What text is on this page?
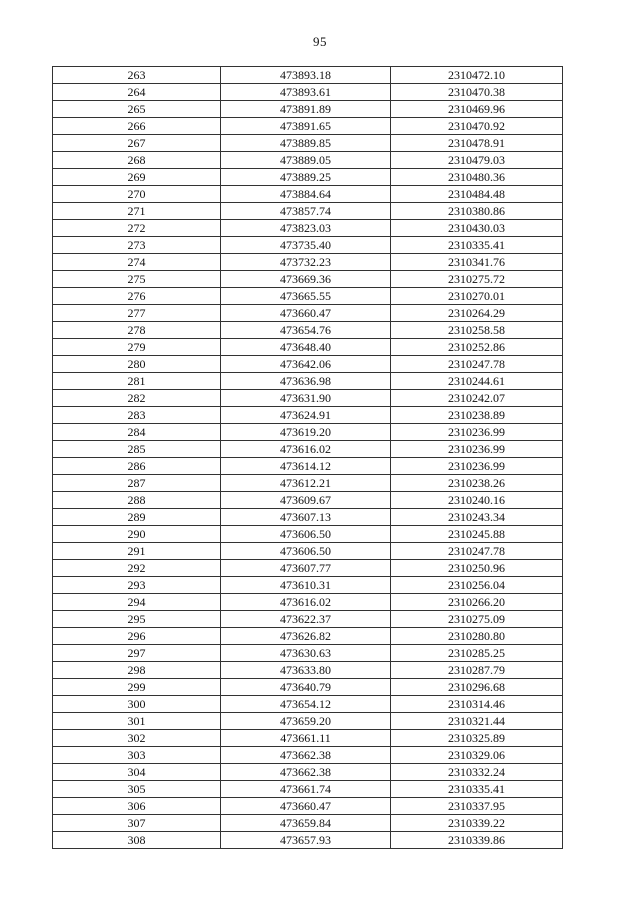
95
263	473893.18	2310472.10
264	473893.61	2310470.38
265	473891.89	2310469.96
266	473891.65	2310470.92
267	473889.85	2310478.91
268	473889.05	2310479.03
269	473889.25	2310480.36
270	473884.64	2310484.48
271	473857.74	2310380.86
272	473823.03	2310430.03
273	473735.40	2310335.41
274	473732.23	2310341.76
275	473669.36	2310275.72
276	473665.55	2310270.01
277	473660.47	2310264.29
278	473654.76	2310258.58
279	473648.40	2310252.86
280	473642.06	2310247.78
281	473636.98	2310244.61
282	473631.90	2310242.07
283	473624.91	2310238.89
284	473619.20	2310236.99
285	473616.02	2310236.99
286	473614.12	2310236.99
287	473612.21	2310238.26
288	473609.67	2310240.16
289	473607.13	2310243.34
290	473606.50	2310245.88
291	473606.50	2310247.78
292	473607.77	2310250.96
293	473610.31	2310256.04
294	473616.02	2310266.20
295	473622.37	2310275.09
296	473626.82	2310280.80
297	473630.63	2310285.25
298	473633.80	2310287.79
299	473640.79	2310296.68
300	473654.12	2310314.46
301	473659.20	2310321.44
302	473661.11	2310325.89
303	473662.38	2310329.06
304	473662.38	2310332.24
305	473661.74	2310335.41
306	473660.47	2310337.95
307	473659.84	2310339.22
308	473657.93	2310339.86
